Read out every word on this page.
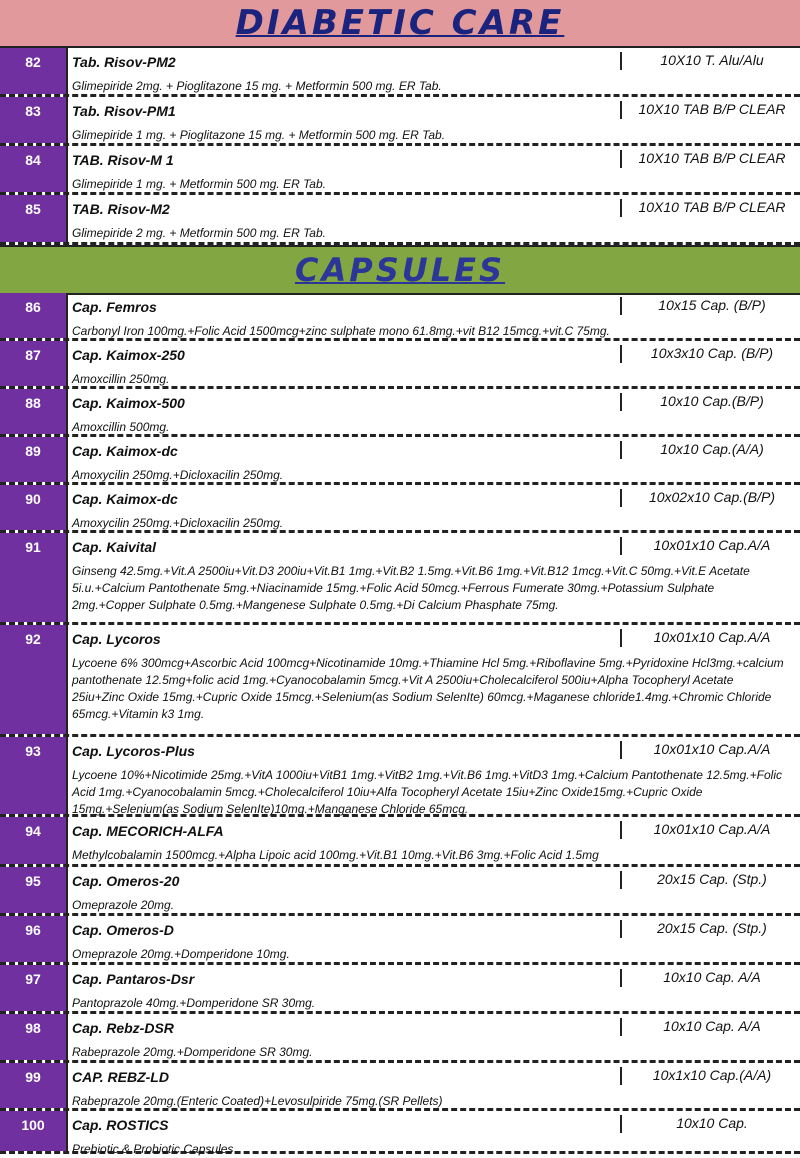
DIABETIC CARE
CAPSULES
82	Tab. Risov-PM2	10X10 T. Alu/Alu
Glimepiride 2mg. + Pioglitazone 15 mg. + Metformin 500 mg. ER Tab.
83	Tab. Risov-PM1	10X10 TAB B/P CLEAR
Glimepiride 1 mg. + Pioglitazone 15 mg. + Metformin 500 mg. ER Tab.
84	TAB. Risov-M 1	10X10 TAB B/P CLEAR
Glimepiride 1 mg. + Metformin 500 mg. ER Tab.
85	TAB. Risov-M2	10X10 TAB B/P CLEAR
Glimepiride 2 mg. + Metformin 500 mg. ER Tab.
86	Cap. Femros	10x15 Cap. (B/P)
Carbonyl Iron 100mg.+Folic Acid 1500mcg+zinc sulphate mono 61.8mg.+vit B12 15mcg.+vit.C 75mg.
87	Cap. Kaimox-250	10x3x10 Cap. (B/P)
Amoxcillin 250mg.
88	Cap. Kaimox-500	10x10 Cap.(B/P)
Amoxcillin 500mg.
89	Cap. Kaimox-dc	10x10 Cap.(A/A)
Amoxycilin 250mg.+Dicloxacilin 250mg.
90	Cap. Kaimox-dc	10x02x10 Cap.(B/P)
Amoxycilin 250mg.+Dicloxacilin 250mg.
91	Cap. Kaivital	10x01x10 Cap.A/A
Ginseng 42.5mg.+Vit.A 2500iu+Vit.D3 200iu+Vit.B1 1mg.+Vit.B2 1.5mg.+Vit.B6 1mg.+Vit.B12 1mcg.+Vit.C 50mg.+Vit.E Acetate 5i.u.+Calcium Pantothenate 5mg.+Niacinamide 15mg.+Folic Acid 50mcg.+Ferrous Fumerate 30mg.+Potassium Sulphate 2mg.+Copper Sulphate 0.5mg.+Mangenese Sulphate 0.5mg.+Di Calcium Phasphate 75mg.
92	Cap. Lycoros	10x01x10 Cap.A/A
Lycoene 6% 300mcg+Ascorbic Acid 100mcg+Nicotinamide 10mg.+Thiamine Hcl 5mg.+Riboflavine 5mg.+Pyridoxine Hcl3mg.+calcium pantothenate 12.5mg+folic acid 1mg.+Cyanocobalamin 5mcg.+Vit A 2500iu+Cholecalciferol 500iu+Alpha Tocopheryl Acetate 25iu+Zinc Oxide 15mg.+Cupric Oxide 15mcg.+Selenium(as Sodium SelenIte) 60mcg.+Maganese chloride1.4mg.+Chromic Chloride 65mcg.+Vitamin k3 1mg.
93	Cap. Lycoros-Plus	10x01x10 Cap.A/A
Lycoene 10%+Nicotimide 25mg.+VitA 1000iu+VitB1 1mg.+VitB2 1mg.+Vit.B6 1mg.+VitD3 1mg.+Calcium Pantothenate 12.5mg.+Folic Acid 1mg.+Cyanocobalamin 5mcg.+Cholecalciferol 10iu+Alfa Tocopheryl Acetate 15iu+Zinc Oxide15mg.+Cupric Oxide 15mg.+Selenium(as Sodium SelenIte)10mg.+Manganese Chloride 65mcg.
94	Cap. MECORICH-ALFA	10x01x10 Cap.A/A
Methylcobalamin 1500mcg.+Alpha Lipoic acid 100mg.+Vit.B1 10mg.+Vit.B6 3mg.+Folic Acid 1.5mg
95	Cap. Omeros-20	20x15 Cap. (Stp.)
Omeprazole 20mg.
96	Cap. Omeros-D	20x15 Cap. (Stp.)
Omeprazole 20mg.+Domperidone 10mg.
97	Cap. Pantaros-Dsr	10x10 Cap. A/A
Pantoprazole 40mg.+Domperidone SR 30mg.
98	Cap. Rebz-DSR	10x10 Cap. A/A
Rabeprazole 20mg.+Domperidone SR 30mg.
99	CAP. REBZ-LD	10x1x10 Cap.(A/A)
Rabeprazole 20mg.(Enteric Coated)+Levosulpiride 75mg.(SR Pellets)
100	Cap. ROSTICS	10x10 Cap.
Prebiotic & Probiotic Capsules
